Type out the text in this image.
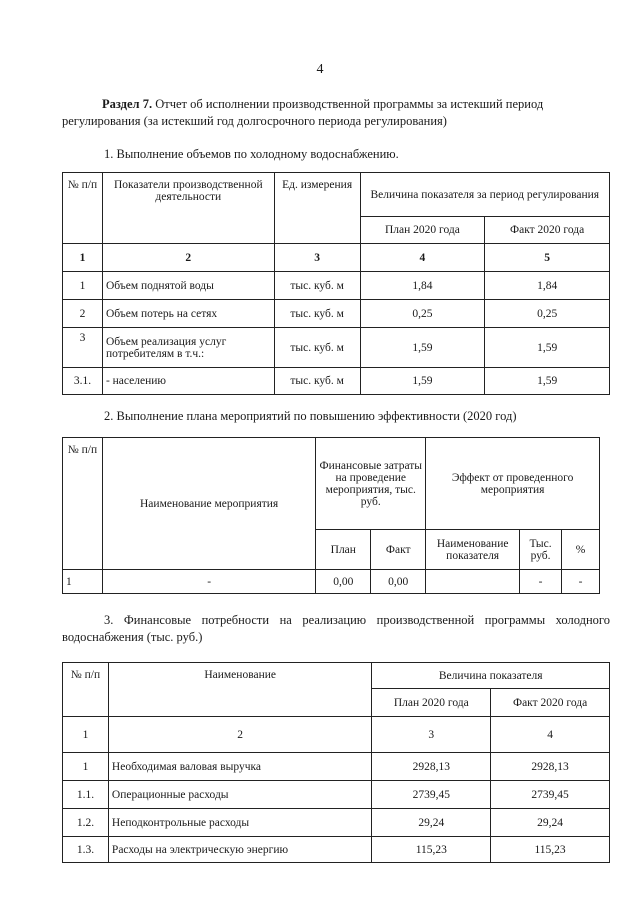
4
Раздел 7. Отчет об исполнении производственной программы за истекший период регулирования (за истекший год долгосрочного периода регулирования)
1. Выполнение объемов по холодному водоснабжению.
№ п/п	Показатели производственной деятельности	Ед. измерения	Величина показателя за период регулирования	
			План 2020 года	Факт 2020 года
1	2	3	4	5
1	Объем поднятой воды	тыс. куб. м	1,84	1,84
2	Объем потерь на сетях	тыс. куб. м	0,25	0,25
3	Объем реализация услуг потребителям в т.ч.:	тыс. куб. м	1,59	1,59
3.1.	- населению	тыс. куб. м	1,59	1,59
2. Выполнение плана мероприятий по повышению эффективности (2020 год)
№ п/п	Наименование мероприятия	Финансовые затраты на проведение мероприятия, тыс. руб.		Эффект от проведенного мероприятия		
		План	Факт	Наименование показателя	Тыс. руб.	%
1	-	0,00	0,00		-	-
3. Финансовые потребности на реализацию производственной программы холодного водоснабжения (тыс. руб.)
№ п/п	Наименование	Величина показателя	
		План 2020 года	Факт 2020 года
1	2	3	4
1	Необходимая валовая выручка	2928,13	2928,13
1.1.	Операционные расходы	2739,45	2739,45
1.2.	Неподконтрольные расходы	29,24	29,24
1.3.	Расходы на электрическую энергию	115,23	115,23
